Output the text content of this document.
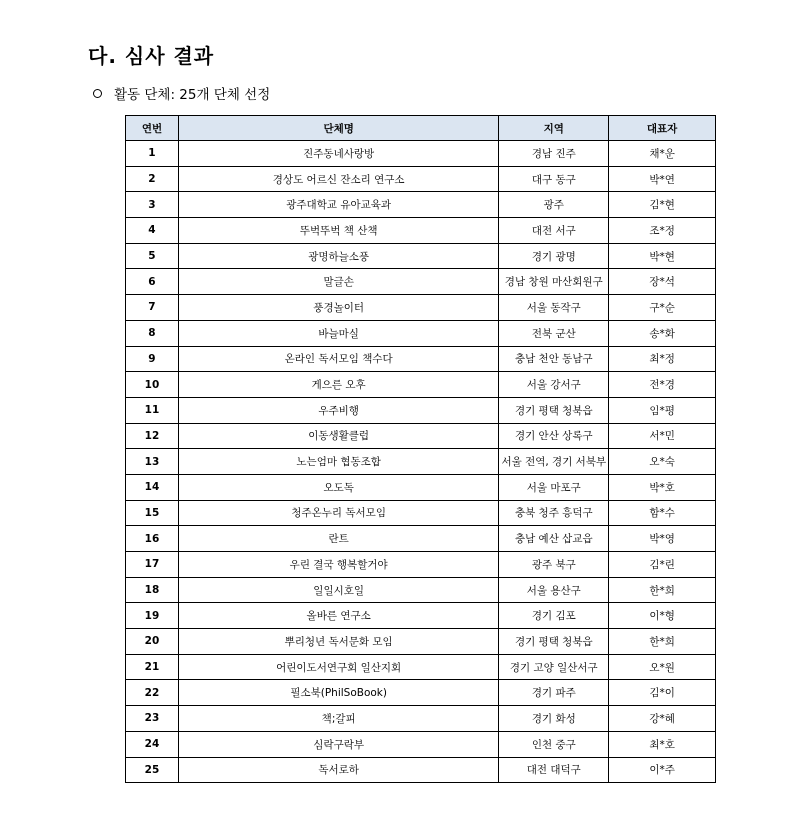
다. 심사 결과
활동 단체: 25개 단체 선정
연번	단체명	지역	대표자
1	진주동네사랑방	경남 진주	채*운
2	경상도 어르신 잔소리 연구소	대구 동구	박*연
3	광주대학교 유아교육과	광주	김*현
4	뚜벅뚜벅 책 산책	대전 서구	조*정
5	광명하늘소풍	경기 광명	박*현
6	말글손	경남 창원 마산회원구	장*석
7	풍경놀이터	서울 동작구	구*순
8	바늘마실	전북 군산	송*화
9	온라인 독서모임 책수다	충남 천안 동남구	최*정
10	게으른 오후	서울 강서구	전*경
11	우주비행	경기 평택 청북읍	임*평
12	이동생활클럽	경기 안산 상록구	서*민
13	노는엄마 협동조합	서울 전역, 경기 서북부	오*숙
14	오도독	서울 마포구	박*호
15	청주온누리 독서모임	충북 청주 흥덕구	함*수
16	란트	충남 예산 삽교읍	박*영
17	우린 결국 행복할거야	광주 북구	김*린
18	일일시호일	서울 용산구	한*희
19	올바른 연구소	경기 김포	이*형
20	뿌리청년 독서문화 모임	경기 평택 청북읍	한*희
21	어린이도서연구회 일산지회	경기 고양 일산서구	오*원
22	필소북(PhilSoBook)	경기 파주	김*이
23	책;갈피	경기 화성	강*혜
24	심락구락부	인천 중구	최*호
25	독서로하	대전 대덕구	이*주
